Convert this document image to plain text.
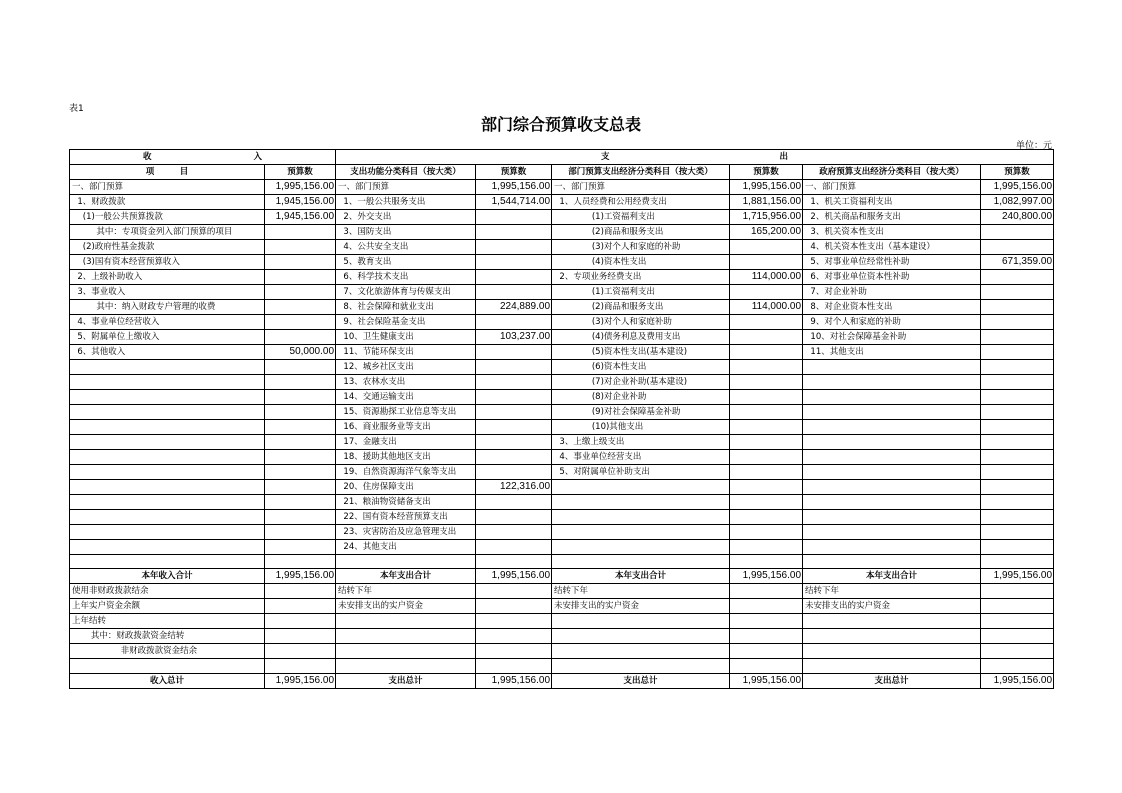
表1
部门综合预算收支总表
单位：元
收　　　　　　　　　　　　入		支　　　　　　　　　　　　　　　　　　　　出					
项　　　目	预算数	支出功能分类科目（按大类）	预算数	部门预算支出经济分类科目（按大类）	预算数	政府预算支出经济分类科目（按大类）	预算数
一、部门预算	1,995,156.00	一、部门预算	1,995,156.00	一、部门预算	1,995,156.00	一、部门预算	1,995,156.00
1、财政拨款	1,945,156.00	1、一般公共服务支出	1,544,714.00	1、人员经费和公用经费支出	1,881,156.00	1、机关工资福利支出	1,082,997.00
(1)一般公共预算拨款	1,945,156.00	2、外交支出		(1)工资福利支出	1,715,956.00	2、机关商品和服务支出	240,800.00
其中：专项资金列入部门预算的项目		3、国防支出		(2)商品和服务支出	165,200.00	3、机关资本性支出	
(2)政府性基金拨款		4、公共安全支出		(3)对个人和家庭的补助		4、机关资本性支出（基本建设）	
(3)国有资本经营预算收入		5、教育支出		(4)资本性支出		5、对事业单位经常性补助	671,359.00
2、上级补助收入		6、科学技术支出		2、专项业务经费支出	114,000.00	6、对事业单位资本性补助	
3、事业收入		7、文化旅游体育与传媒支出		(1)工资福利支出		7、对企业补助	
其中：纳入财政专户管理的收费		8、社会保障和就业支出	224,889.00	(2)商品和服务支出	114,000.00	8、对企业资本性支出	
4、事业单位经营收入		9、社会保险基金支出		(3)对个人和家庭补助		9、对个人和家庭的补助	
5、附属单位上缴收入		10、卫生健康支出	103,237.00	(4)债务利息及费用支出		10、对社会保障基金补助	
6、其他收入	50,000.00	11、节能环保支出		(5)资本性支出(基本建设)		11、其他支出	
		12、城乡社区支出		(6)资本性支出			
		13、农林水支出		(7)对企业补助(基本建设)			
		14、交通运输支出		(8)对企业补助			
		15、资源勘探工业信息等支出		(9)对社会保障基金补助			
		16、商业服务业等支出		(10)其他支出			
		17、金融支出		3、上缴上级支出			
		18、援助其他地区支出		4、事业单位经营支出			
		19、自然资源海洋气象等支出		5、对附属单位补助支出			
		20、住房保障支出	122,316.00				
		21、粮油物资储备支出					
		22、国有资本经营预算支出					
		23、灾害防治及应急管理支出					
		24、其他支出					

本年收入合计	1,995,156.00	本年支出合计	1,995,156.00	本年支出合计	1,995,156.00	本年支出合计	1,995,156.00
使用非财政拨款结余		结转下年		结转下年		结转下年	
上年实户资金余额		未安排支出的实户资金		未安排支出的实户资金		未安排支出的实户资金	
上年结转							
其中：财政拨款资金结转							
非财政拨款资金结余							

收入总计	1,995,156.00	支出总计	1,995,156.00	支出总计	1,995,156.00	支出总计	1,995,156.00
